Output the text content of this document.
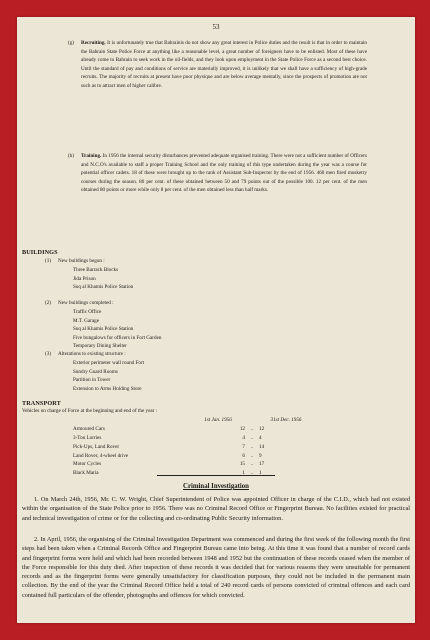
53

(g) Recruiting. It is unfortunately true that Bahrainis do not show any great interest in Police duties and the result is that in order to maintain the Bahrain State Police Force at anything like a reasonable level, a great number of foreigners have to be enlisted. Most of these have already come to Bahrain to seek work in the oil-fields, and they look upon employment in the State Police Force as a second best choice. Until the standard of pay and conditions of service are materially improved, it is unlikely that we shall have a sufficiency of high-grade recruits. The majority of recruits at present have poor physique and are below average mentally, since the prospects of promotion are not such as to attract men of higher calibre.

(h) Training. In 1956 the internal security disturbances prevented adequate organised training. There were not a sufficient number of Officers and N.C.O's available to staff a proper Training School and the only training of this type undertaken during the year was a course for potential officer cadets. 18 of these were brought up to the rank of Assistant Sub-Inspector by the end of 1956. 460 men fired musketry courses during the season. 80 per cent. of these obtained between 50 and 79 points out of the possible 100. 12 per cent. of the men obtained 80 points or more while only 8 per cent. of the men obtained less than half marks.

BUILDINGS
(1) New buildings begun :
Three Barrack Blocks
Jida Prison
Suq al Khamis Police Station
(2) New buildings completed :
Traffic Office
M.T. Garage
Suq al Khamis Police Station
Five bungalows for officers in Fort Garden
Temporary Dining Shelter
(3) Alterations to existing structure :
Exterior perimeter wall round Fort
Sundry Guard Rooms
Partition in Tower
Extension to Arms Holding Store
TRANSPORT
Vehicles on charge of Force at the beginning and end of the year :
	1st Jan. 1956		31st Dec. 1956
Armoured Cars	12	..	12
3-Ton Lorries	4	..	4
Pick-Ups, Land Rover	7	..	14
Land Rover, 4-wheel drive	6	..	9
Motor Cycles	15	..	17
Black Maria	1	..	1
Criminal Investigation

1. On March 24th, 1956, Mr. C. W. Wright, Chief Superintendent of Police was appointed Officer in charge of the C.I.D., which had not existed within the organisation of the State Police prior to 1956. There was no Criminal Record Office or Fingerprint Bureau. No facilities existed for practical and technical investigation of crime or for the collecting and co-ordinating Public Security information.

2. In April, 1956, the organising of the Criminal Investigation Department was commenced and during the first week of the following month the first steps had been taken when a Criminal Records Office and Fingerprint Bureau came into being. At this time it was found that a number of record cards and fingerprint forms were held and which had been recorded between 1948 and 1952 but the continuation of these records ceased when the member of the Force responsible for this duty died. After inspection of these records it was decided that for various reasons they were unsuitable for permanent records and as the fingerprint forms were generally unsatisfactory for classification purposes, they could not be included in the permanent main collection. By the end of the year the Criminal Record Office held a total of 240 record cards of persons convicted of criminal offences and each card contained full particulars of the offender, photographs and offences for which convicted.
